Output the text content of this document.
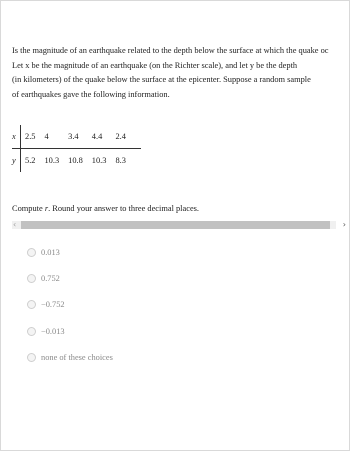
Is the magnitude of an earthquake related to the depth below the surface at which the quake oc

Let x be the magnitude of an earthquake (on the Richter scale), and let y be the depth

(in kilometers) of the quake below the surface at the epicenter. Suppose a random sample

of earthquakes gave the following information.

x	2.5	4	3.4	4.4	2.4	
y	5.2	10.3	10.8	10.3	8.3	
Compute r. Round your answer to three decimal places.
‹	›
0.013
0.752
−0.752
−0.013
none of these choices
